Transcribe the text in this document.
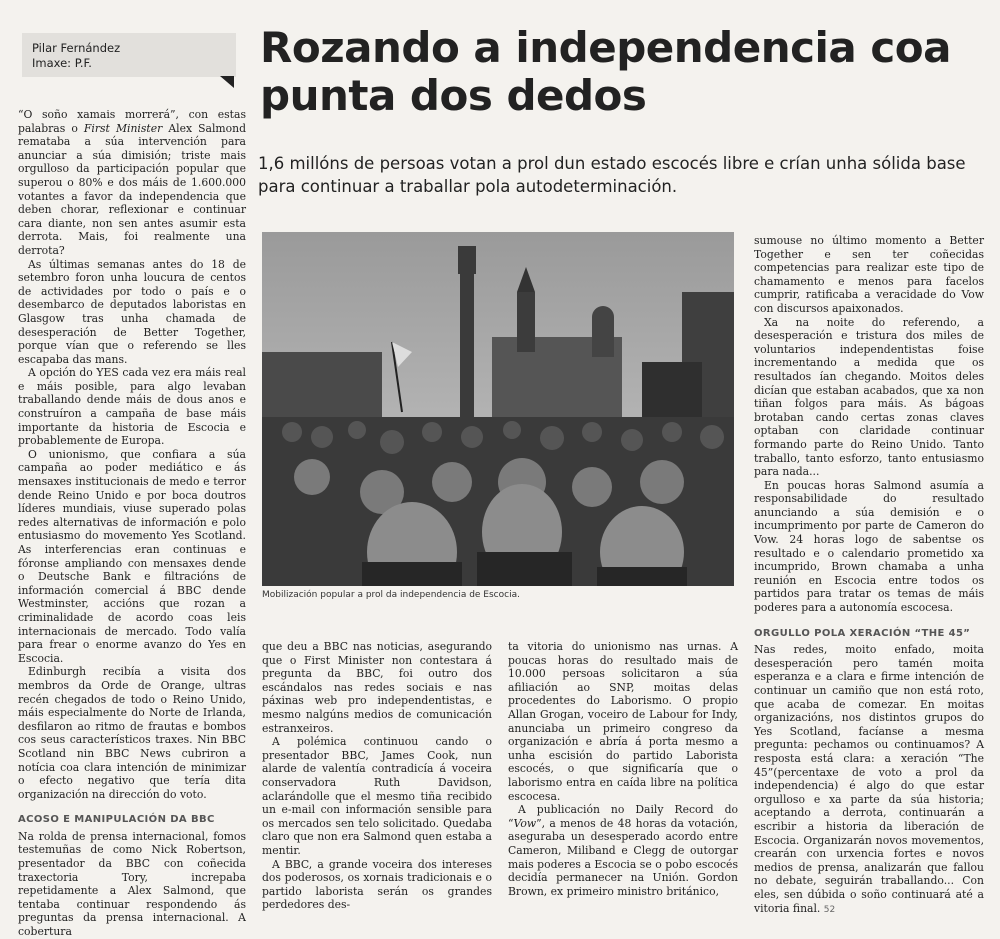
Pilar Fernández
Imaxe: P.F.	Rozando a independencia coa punta dos dedos

1,6 millóns de persoas votan a prol dun estado escocés libre e crían unha sólida base para continuar a traballar pola autodeterminación.

“O soño xamais morrerá”, con estas palabras o First Minister Alex Salmond remataba a súa intervención para anunciar a súa dimisión; triste mais orgulloso da participación popular que superou o 80% e dos máis de 1.600.000 votantes a favor da independencia que deben chorar, reflexionar e continuar cara diante, non sen antes asumir esta derrota. Mais, foi realmente una derrota?

As últimas semanas antes do 18 de setembro foron unha loucura de centos de actividades por todo o país e o desembarco de deputados laboristas en Glasgow tras unha chamada de desesperación de Better Together, porque vían que o referendo se lles escapaba das mans.

A opción do YES cada vez era máis real e máis posible, para algo levaban traballando dende máis de dous anos e construíron a campaña de base máis importante da historia de Escocia e probablemente de Europa.

O unionismo, que confiara a súa campaña ao poder mediático e ás mensaxes institucionais de medo e terror dende Reino Unido e por boca doutros líderes mundiais, viuse superado polas redes alternativas de información e polo entusiasmo do movemento Yes Scotland. As interferencias eran continuas e fóronse ampliando con mensaxes dende o Deutsche Bank e filtracións de información comercial á BBC dende Westminster, accións que rozan a criminalidade de acordo coas leis internacionais de mercado. Todo valía para frear o enorme avanzo do Yes en Escocia.

Edinburgh recibía a visita dos membros da Orde de Orange, ultras recén chegados de todo o Reino Unido, máis especialmente do Norte de Irlanda, desfilaron ao ritmo de frautas e bombos cos seus característicos traxes. Nin BBC Scotland nin BBC News cubriron a notícia coa clara intención de minimizar o efecto negativo que tería dita organización na dirección do voto.

ACOSO E MANIPULACIÓN DA BBC

Na rolda de prensa internacional, fomos testemuñas de como Nick Robertson, presentador da BBC con coñecida traxectoria Tory, increpaba repetidamente a Alex Salmond, que tentaba continuar respondendo ás preguntas da prensa internacional. A cobertura

Mobilización popular a prol da independencia de Escocia.

que deu a BBC nas noticias, asegurando que o First Minister non contestara á pregunta da BBC, foi outro dos escándalos nas redes sociais e nas páxinas web pro independentistas, e mesmo nalgúns medios de comunicación estranxeiros.

A polémica continuou cando o presentador BBC, James Cook, nun alarde de valentía contradicía á voceira conservadora Ruth Davidson, aclarándolle que el mesmo tiña recibido un e-mail con información sensible para os mercados sen telo solicitado. Quedaba claro que non era Salmond quen estaba a mentir.

A BBC, a grande voceira dos intereses dos poderosos, os xornais tradicionais e o partido laborista serán os grandes perdedores des-

ta vitoria do unionismo nas urnas. A poucas horas do resultado mais de 10.000 persoas solicitaron a súa afiliación ao SNP, moitas delas procedentes do Laborismo. O propio Allan Grogan, voceiro de Labour for Indy, anunciaba un primeiro congreso da organización e abría á porta mesmo a unha escisión do partido Laborista escocés, o que significaría que o laborismo entra en caída libre na política escocesa.

A publicación no Daily Record do “Vow”, a menos de 48 horas da votación, aseguraba un desesperado acordo entre Cameron, Miliband e Clegg de outorgar mais poderes a Escocia se o pobo escocés decidía permanecer na Unión. Gordon Brown, ex primeiro ministro británico,

sumouse no último momento a Better Together e sen ter coñecidas competencias para realizar este tipo de chamamento e menos para facelos cumprir, ratificaba a veracidade do Vow con discursos apaixonados.

Xa na noite do referendo, a desesperación e tristura dos miles de voluntarios independentistas foise incrementando a medida que os resultados ían chegando. Moitos deles dicían que estaban acabados, que xa non tiñan folgos para máis. As bágoas brotaban cando certas zonas claves optaban con claridade continuar formando parte do Reino Unido. Tanto traballo, tanto esforzo, tanto entusiasmo para nada...

En poucas horas Salmond asumía a responsabilidade do resultado anunciando a súa demisión e o incumprimento por parte de Cameron do Vow. 24 horas logo de sabentse os resultado e o calendario prometido xa incumprido, Brown chamaba a unha reunión en Escocia entre todos os partidos para tratar os temas de máis poderes para a autonomía escocesa.

ORGULLO POLA XERACIÓN “THE 45”

Nas redes, moito enfado, moita desesperación pero tamén moita esperanza e a clara e firme intención de continuar un camiño que non está roto, que acaba de comezar. En moitas organizacións, nos distintos grupos do Yes Scotland, facíanse a mesma pregunta: pechamos ou continuamos? A resposta está clara: a xeración “The 45”(percentaxe de voto a prol da independencia) é algo do que estar orgulloso e xa parte da súa historia; aceptando a derrota, continuarán a escribir a historia da liberación de Escocia. Organizarán novos movementos, crearán con urxencia fortes e novos medios de prensa, analizarán que fallou no debate, seguirán traballando... Con eles, sen dúbida o soño continuará até a vitoria final. 52
